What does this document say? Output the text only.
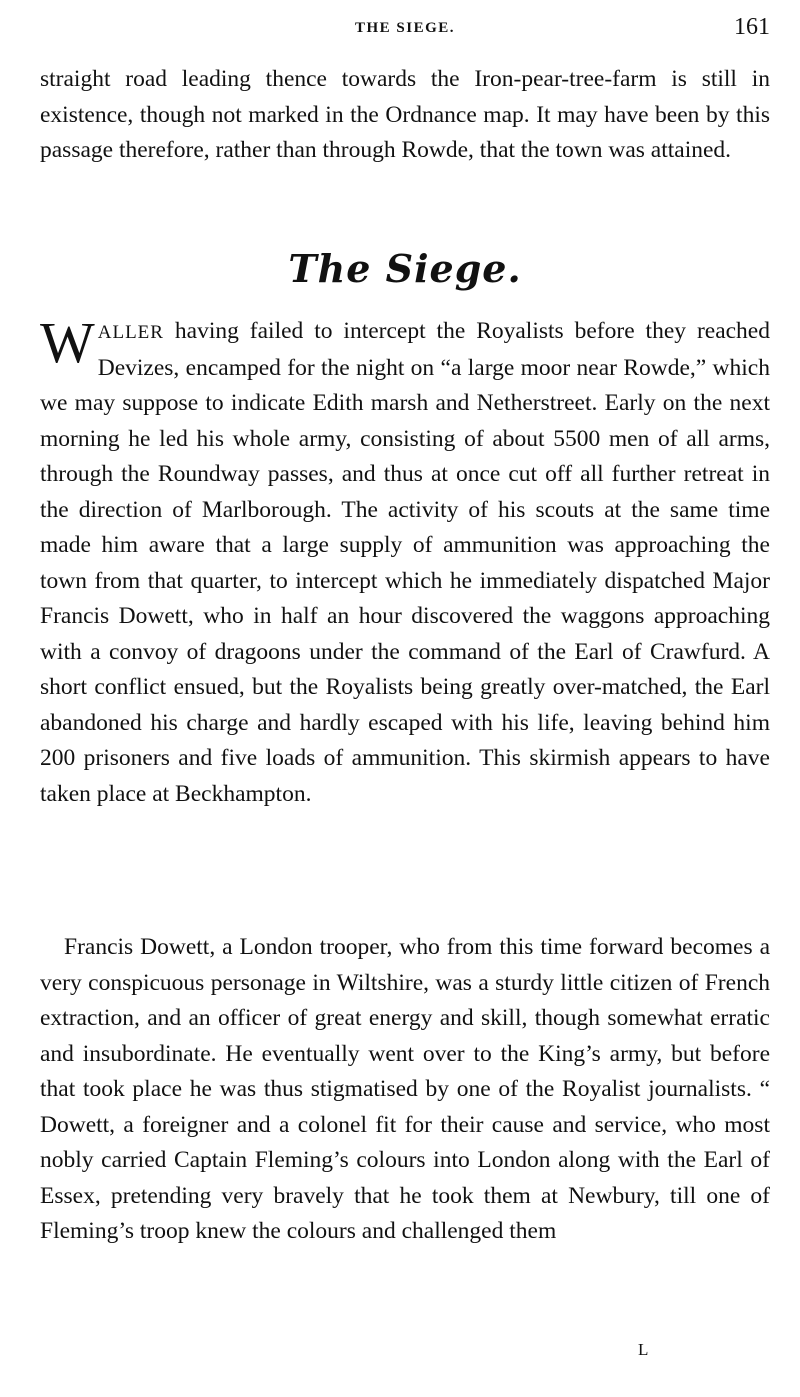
THE SIEGE.	161
straight road leading thence towards the Iron-pear-tree-farm is still in existence, though not marked in the Ordnance map. It may have been by this passage therefore, rather than through Rowde, that the town was attained.
The Siege.
WALLER having failed to intercept the Royalists before they reached Devizes, encamped for the night on “a large moor near Rowde,” which we may suppose to indicate Edith marsh and Netherstreet. Early on the next morning he led his whole army, consisting of about 5500 men of all arms, through the Roundway passes, and thus at once cut off all further retreat in the direction of Marlborough. The activity of his scouts at the same time made him aware that a large supply of ammunition was approaching the town from that quarter, to intercept which he immediately dispatched Major Francis Dowett, who in half an hour discovered the waggons approaching with a convoy of dragoons under the command of the Earl of Crawfurd. A short conflict ensued, but the Royalists being greatly over-matched, the Earl abandoned his charge and hardly escaped with his life, leaving behind him 200 prisoners and five loads of ammunition. This skirmish appears to have taken place at Beckhampton.
Francis Dowett, a London trooper, who from this time forward becomes a very conspicuous personage in Wiltshire, was a sturdy little citizen of French extraction, and an officer of great energy and skill, though somewhat erratic and insubordinate. He eventually went over to the King’s army, but before that took place he was thus stigmatised by one of the Royalist journalists. “ Dowett, a foreigner and a colonel fit for their cause and service, who most nobly carried Captain Fleming’s colours into London along with the Earl of Essex, pretending very bravely that he took them at Newbury, till one of Fleming’s troop knew the colours and challenged them
L
